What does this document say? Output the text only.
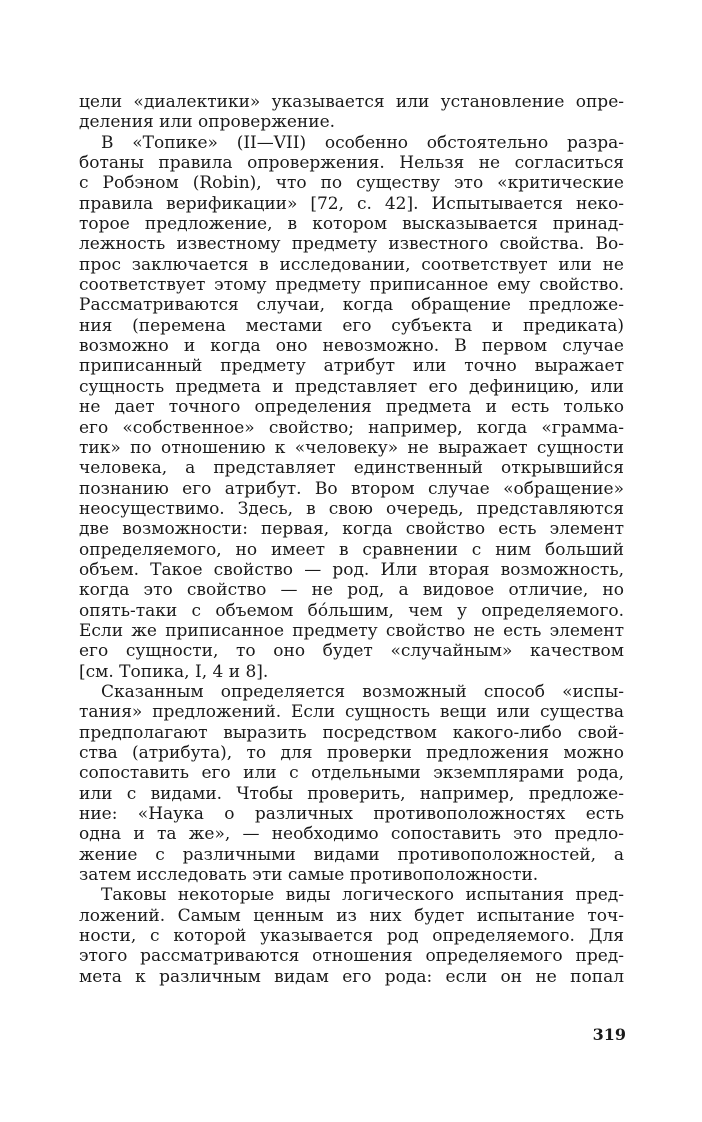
цели «диалектики» указывается или установление опре-
деления или опровержение.
В «Топике» (II—VII) особенно обстоятельно разра-
ботаны правила опровержения. Нельзя не согласиться
с Робэном (Robin), что по существу это «критические
правила верификации» [72, с. 42]. Испытывается неко-
торое предложение, в котором высказывается принад-
лежность известному предмету известного свойства. Во-
прос заключается в исследовании, соответствует или не
соответствует этому предмету приписанное ему свойство.
Рассматриваются случаи, когда обращение предложе-
ния (перемена местами его субъекта и предиката)
возможно и когда оно невозможно. В первом случае
приписанный предмету атрибут или точно выражает
сущность предмета и представляет его дефиницию, или
не дает точного определения предмета и есть только
его «собственное» свойство; например, когда «грамма-
тик» по отношению к «человеку» не выражает сущности
человека, а представляет единственный открывшийся
познанию его атрибут. Во втором случае «обращение»
неосуществимо. Здесь, в свою очередь, представляются
две возможности: первая, когда свойство есть элемент
определяемого, но имеет в сравнении с ним больший
объем. Такое свойство — род. Или вторая возможность,
когда это свойство — не род, а видовое отличие, но
опять-таки с объемом бо́льшим, чем у определяемого.
Если же приписанное предмету свойство не есть элемент
его сущности, то оно будет «случайным» качеством
[см. Топика, I, 4 и 8].
Сказанным определяется возможный способ «испы-
тания» предложений. Если сущность вещи или существа
предполагают выразить посредством какого-либо свой-
ства (атрибута), то для проверки предложения можно
сопоставить его или с отдельными экземплярами рода,
или с видами. Чтобы проверить, например, предложе-
ние: «Наука о различных противоположностях есть
одна и та же», — необходимо сопоставить это предло-
жение с различными видами противоположностей, а
затем исследовать эти самые противоположности.
Таковы некоторые виды логического испытания пред-
ложений. Самым ценным из них будет испытание точ-
ности, с которой указывается род определяемого. Для
этого рассматриваются отношения определяемого пред-
мета к различным видам его рода: если он не попал
319
